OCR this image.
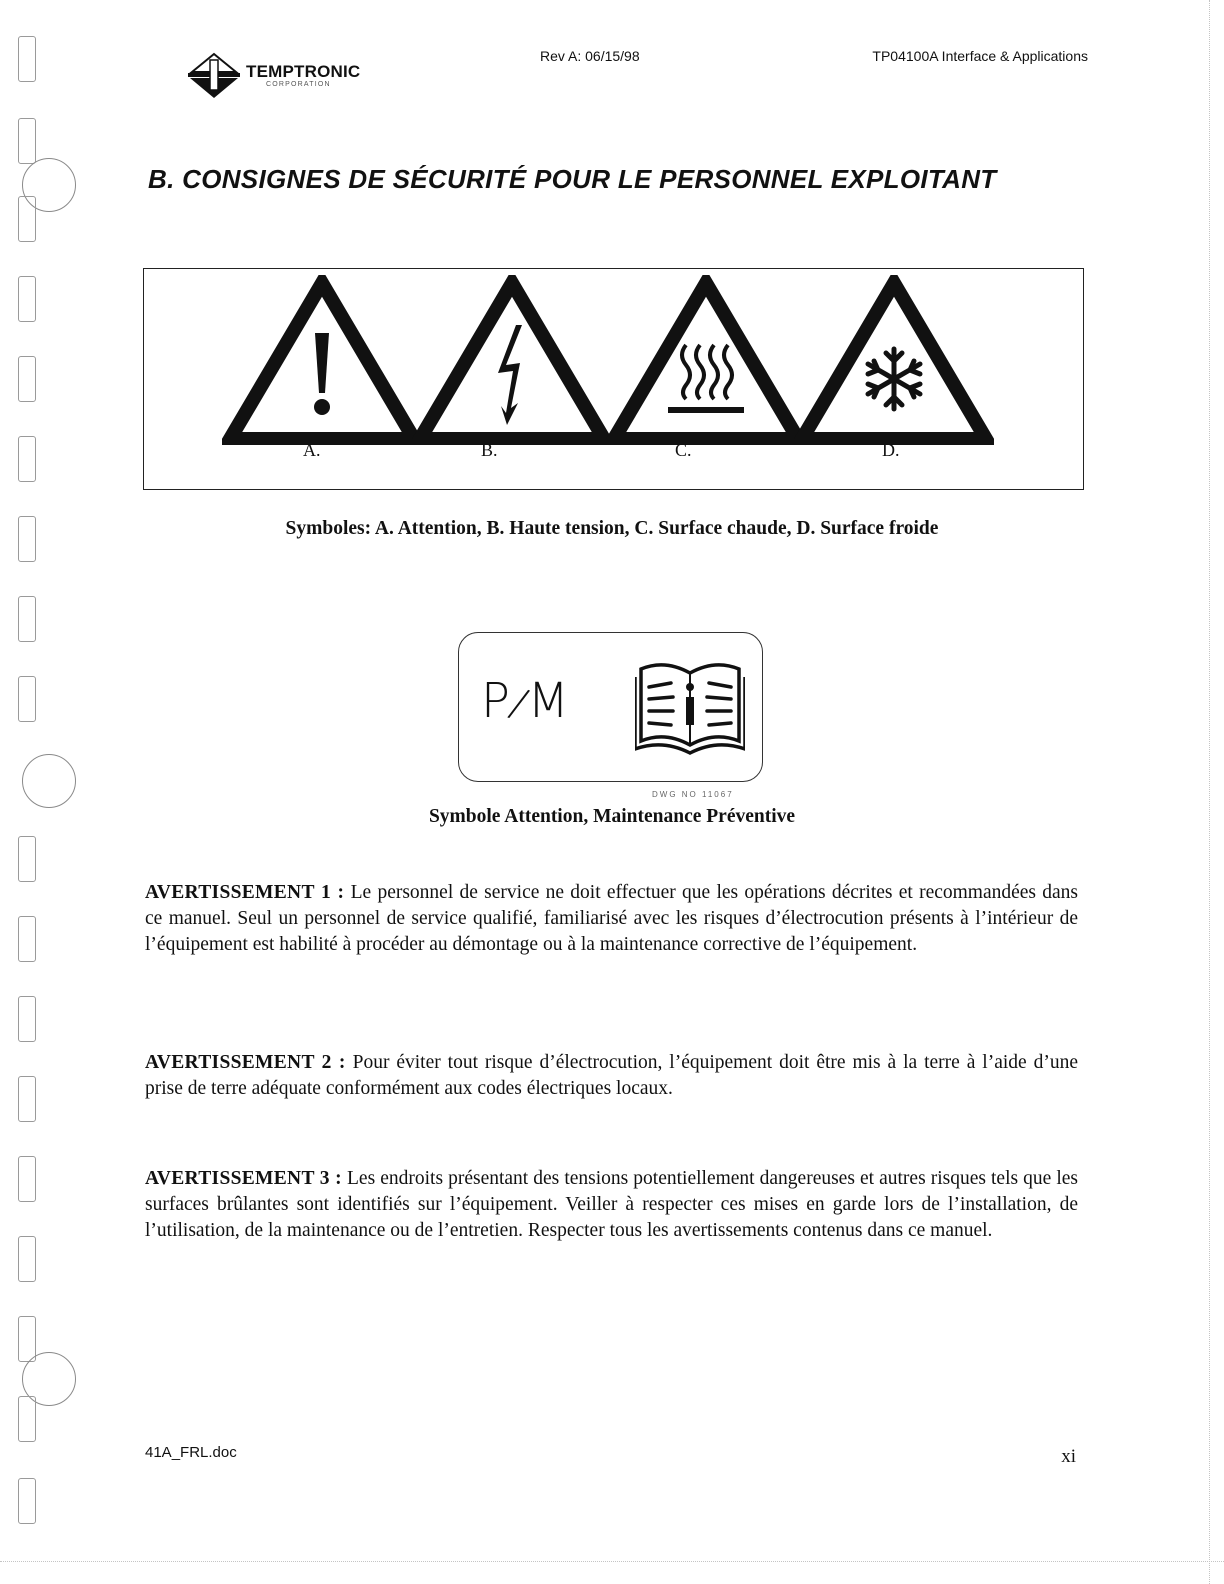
TEMPTRONIC
CORPORATION
Rev A: 06/15/98	TP04100A Interface & Applications
B. CONSIGNES DE SÉCURITÉ POUR LE PERSONNEL EXPLOITANT
A.	B.	C.	D.
Symboles: A. Attention, B. Haute tension, C. Surface chaude, D. Surface froide
P/M
DWG NO 11067
Symbole Attention, Maintenance Préventive
AVERTISSEMENT 1 : Le personnel de service ne doit effectuer que les opérations décrites et recommandées dans ce manuel. Seul un personnel de service qualifié, familiarisé avec les risques d’électrocution présents à l’intérieur de l’équipement est habilité à procéder au démontage ou à la maintenance corrective de l’équipement.
AVERTISSEMENT 2 : Pour éviter tout risque d’électrocution, l’équipement doit être mis à la terre à l’aide d’une prise de terre adéquate conformément aux codes électriques locaux.
AVERTISSEMENT 3 : Les endroits présentant des tensions potentiellement dangereuses et autres risques tels que les surfaces brûlantes sont identifiés sur l’équipement. Veiller à respecter ces mises en garde lors de l’installation, de l’utilisation, de la maintenance ou de l’entretien. Respecter tous les avertissements contenus dans ce manuel.
41A_FRL.doc	xi
